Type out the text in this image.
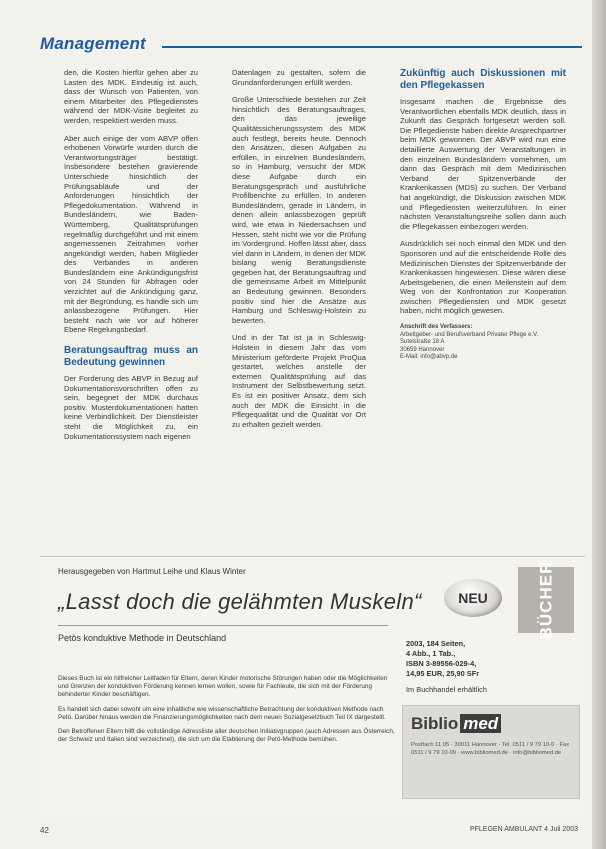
Management

den, die Kosten hierfür gehen aber zu Lasten des MDK. Eindeutig ist auch, dass der Wunsch von Patienten, von einem Mitarbeiter des Pflegedienstes während der MDK-Visite begleitet zu werden, respektiert werden muss.

Aber auch einige der vom ABVP offen erhobenen Vorwürfe wurden durch die Verantwortungsträger bestätigt. Insbesondere bestehen gravierende Unterschiede hinsichtlich der Prüfungsabläufe und der Anforderungen hinsichtlich der Pflegedokumentation. Während in Bundesländern, wie Baden-Württemberg, Qualitätsprüfungen regelmäßig durchgeführt und mit einem angemessenen Zeitrahmen vorher angekündigt werden, haben Mitglieder des Verbandes in anderen Bundesländern eine Ankündigungsfrist von 24 Stunden für Abfragen oder verzichtet auf die Ankündigung ganz, mit der Begründung, es handle sich um anlassbezogene Prüfungen. Hier besteht nach wie vor auf höherer Ebene Regelungsbedarf.

Beratungsauftrag muss an Bedeutung gewinnen

Der Forderung des ABVP in Bezug auf Dokumentationsvorschriften offen zu sein, begegnet der MDK durchaus positiv. Musterdokumentationen hatten keine Verbindlichkeit. Der Dienstleister steht die Möglichkeit zu, ein Dokumentationssystem nach eigenen

Datenlagen zu gestalten, sofern die Grundanforderungen erfüllt werden.

Große Unterschiede bestehen zur Zeit hinsichtlich des Beratungsauftrages, den das jeweilige Qualitätssicherungssystem des MDK auch festlegt, bereits heute. Dennoch den Ansätzen, diesen Aufgaben zu erfüllen, in einzelnen Bundesländern, so in Hamburg, versucht der MDK diese Aufgabe durch ein Beratungsgespräch und ausführliche Profilberichte zu erfüllen. In anderen Bundesländern, gerade in Ländern, in denen allein anlassbezogen geprüft wird, wie etwa in Niedersachsen und Hessen, steht nicht wie vor die Prüfung im Vordergrund. Hoffen lässt aber, dass viel dann in Ländern, in denen der MDK bislang wenig Beratungsdienste gegeben hat, der Beratungsauftrag und die gemeinsame Arbeit im Mittelpunkt an Bedeutung gewinnen. Besonders positiv sind hier die Ansätze aus Hamburg und Schleswig-Holstein zu bewerten.

Und in der Tat ist ja in Schleswig-Holstein in diesem Jahr das vom Ministerium geförderte Projekt ProQua gestartet, welches anstelle der externen Qualitätsprüfung auf das Instrument der Selbstbewertung setzt. Es ist ein positiver Ansatz, dem sich auch der MDK die Einsicht in die Pflegequalität und die Qualität vor Ort zu erhalten gezielt werden.

Zukünftig auch Diskussionen mit den Pflegekassen

Insgesamt machen die Ergebnisse des Verantwortlichen ebenfalls MDK deutlich, dass in Zukunft das Gespräch fortgesetzt werden soll. Die Pflegedienste haben direkte Ansprechpartner beim MDK gewonnen. Der ABVP wird nun eine detaillierte Auswertung der Veranstaltungen in den einzelnen Bundesländern vornehmen, um dann das Gespräch mit dem Medizinischen Verband der Spitzenverbände der Krankenkassen (MDS) zu suchen. Der Verband hat angekündigt, die Diskussion zwischen MDK und Pflegediensten weiterzuführen. In einer nächsten Veranstaltungsreihe sollen dann auch die Pflegekassen einbezogen werden.

Ausdrücklich sei noch einmal den MDK und den Sponsoren und auf die entscheidende Rolle des Medizinischen Dienstes der Spitzenverbände der Krankenkassen hingewiesen. Diese wären diese Arbeitsgebenen, die einen Meilenstein auf dem Weg von der Konfrontation zur Kooperation zwischen Pflegediensten und MDK gesetzt haben, nicht möglich gewesen.

Anschrift des Verfassers:
Arbeitgeber- und Berufsverband Privater Pflege e.V.
Sutelstraße 18 A
30659 Hannover
E-Mail: info@abvp.de
Herausgegeben von Hartmut Leihe und Klaus Winter
„Lasst doch die gelähmten Muskeln“
Petös konduktive Methode in Deutschland
NEU	BÜCHER

Dieses Buch ist ein hilfreicher Leitfaden für Eltern, deren Kinder motorische Störungen haben oder die Möglichkeiten und Grenzen der konduktiven Förderung kennen lernen wollen, sowie für Fachleute, die sich mit der Förderung behinderter Kinder beschäftigen.

Es handelt sich dabei sowohl um eine inhaltliche wie wissenschaftliche Betrachtung der konduktiven Methode nach Petö. Darüber hinaus werden die Finanzierungsmöglichkeiten nach dem neuen Sozialgesetzbuch Teil IX dargestellt.

Den Betroffenen Eltern hilft die vollständige Adressliste aller deutschen Initiativgruppen (auch Adressen aus Österreich, der Schweiz und Italien sind verzeichnet), die sich um die Etablierung der Petö-Methode bemühen.

2003, 184 Seiten,
4 Abb., 1 Tab.,
ISBN 3-89556-029-4,
14,95 EUR, 25,90 SFr
Im Buchhandel erhältlich
Biblio med
Postfach 11 05 · 30011 Hannover · Tel. 0511 / 9 79 10-0 · Fax 0511 / 9 79 10-99 · www.bibliomed.de · info@bibliomed.de
42	PFLEGEN AMBULANT 4 Juli 2003
